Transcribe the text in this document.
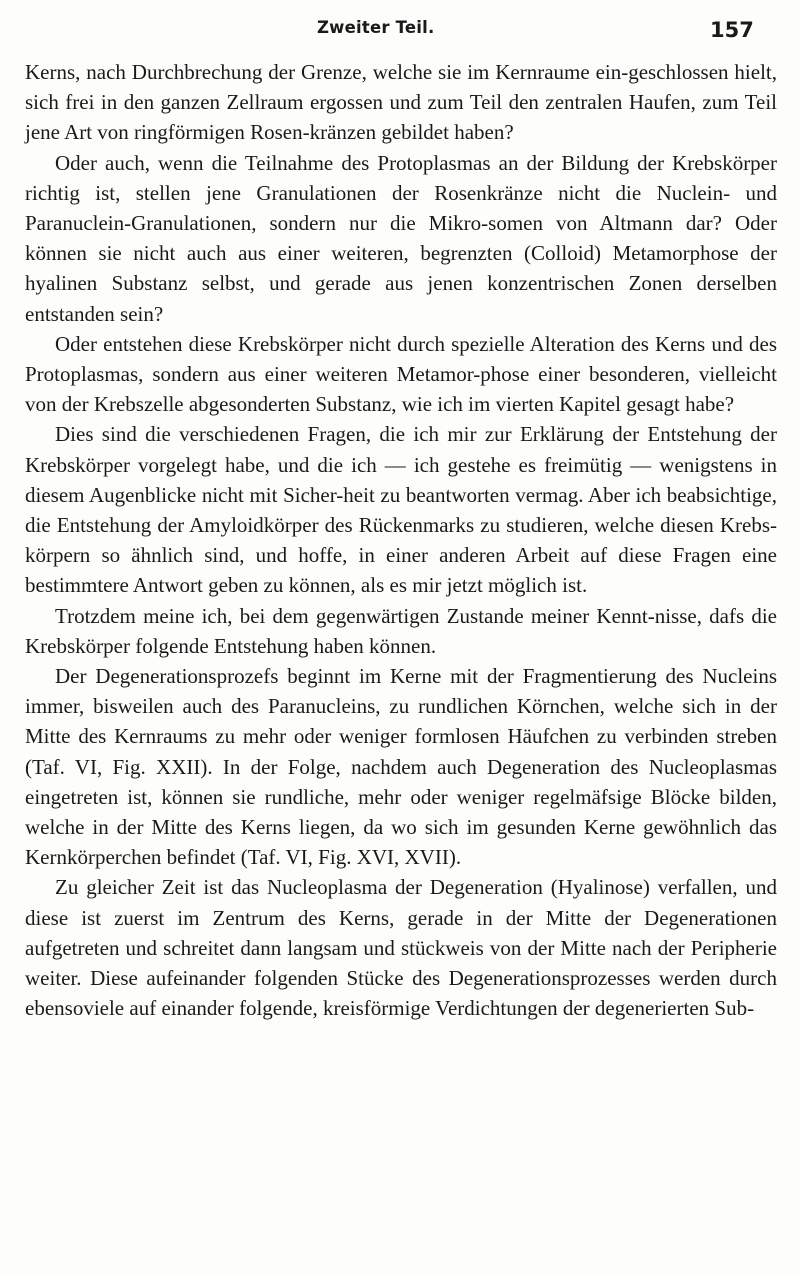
Zweiter Teil.	157

Kerns, nach Durchbrechung der Grenze, welche sie im Kernraume ein-geschlossen hielt, sich frei in den ganzen Zellraum ergossen und zum Teil den zentralen Haufen, zum Teil jene Art von ringförmigen Rosen-kränzen gebildet haben?

Oder auch, wenn die Teilnahme des Protoplasmas an der Bildung der Krebskörper richtig ist, stellen jene Granulationen der Rosenkränze nicht die Nuclein- und Paranuclein-Granulationen, sondern nur die Mikro-somen von Altmann dar? Oder können sie nicht auch aus einer weiteren, begrenzten (Colloid) Metamorphose der hyalinen Substanz selbst, und gerade aus jenen konzentrischen Zonen derselben entstanden sein?

Oder entstehen diese Krebskörper nicht durch spezielle Alteration des Kerns und des Protoplasmas, sondern aus einer weiteren Metamor-phose einer besonderen, vielleicht von der Krebszelle abgesonderten Substanz, wie ich im vierten Kapitel gesagt habe?

Dies sind die verschiedenen Fragen, die ich mir zur Erklärung der Entstehung der Krebskörper vorgelegt habe, und die ich — ich gestehe es freimütig — wenigstens in diesem Augenblicke nicht mit Sicher-heit zu beantworten vermag. Aber ich beabsichtige, die Entstehung der Amyloidkörper des Rückenmarks zu studieren, welche diesen Krebs-körpern so ähnlich sind, und hoffe, in einer anderen Arbeit auf diese Fragen eine bestimmtere Antwort geben zu können, als es mir jetzt möglich ist.

Trotzdem meine ich, bei dem gegenwärtigen Zustande meiner Kennt-nisse, dafs die Krebskörper folgende Entstehung haben können.

Der Degenerationsprozefs beginnt im Kerne mit der Fragmentierung des Nucleins immer, bisweilen auch des Paranucleins, zu rundlichen Körnchen, welche sich in der Mitte des Kernraums zu mehr oder weniger formlosen Häufchen zu verbinden streben (Taf. VI, Fig. XXII). In der Folge, nachdem auch Degeneration des Nucleoplasmas eingetreten ist, können sie rundliche, mehr oder weniger regelmäfsige Blöcke bilden, welche in der Mitte des Kerns liegen, da wo sich im gesunden Kerne gewöhnlich das Kernkörperchen befindet (Taf. VI, Fig. XVI, XVII).

Zu gleicher Zeit ist das Nucleoplasma der Degeneration (Hyalinose) verfallen, und diese ist zuerst im Zentrum des Kerns, gerade in der Mitte der Degenerationen aufgetreten und schreitet dann langsam und stückweis von der Mitte nach der Peripherie weiter. Diese aufeinander folgenden Stücke des Degenerationsprozesses werden durch ebensoviele auf einander folgende, kreisförmige Verdichtungen der degenerierten Sub-
